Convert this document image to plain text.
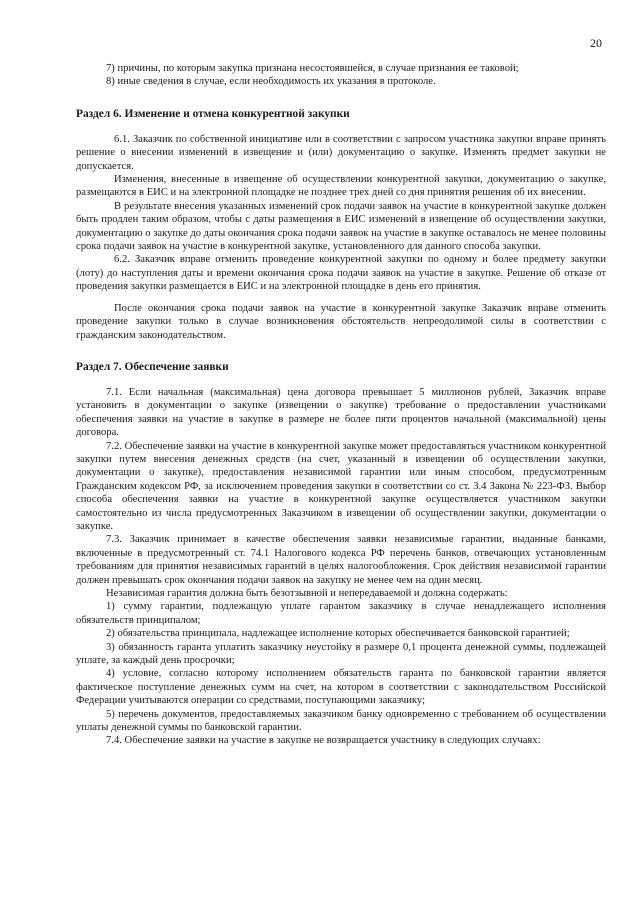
20

7) причины, по которым закупка признана несостоявшейся, в случае признания ее таковой;

8) иные сведения в случае, если необходимость их указания в протоколе.

Раздел 6. Изменение и отмена конкурентной закупки

6.1. Заказчик по собственной инициативе или в соответствии с запросом участника закупки вправе принять решение о внесении изменений в извещение и (или) документацию о закупке. Изменять предмет закупки не допускается.

Изменения, внесенные в извещение об осуществлении конкурентной закупки, документацию о закупке, размещаются в ЕИС и на электронной площадке не позднее трех дней со дня принятия решения об их внесении.

В результате внесения указанных изменений срок подачи заявок на участие в конкурентной закупке должен быть продлен таким образом, чтобы с даты размещения в ЕИС изменений в извещение об осуществлении закупки, документацию о закупке до даты окончания срока подачи заявок на участие в закупке оставалось не менее половины срока подачи заявок на участие в конкурентной закупке, установленного для данного способа закупки.

6.2. Заказчик вправе отменить проведение конкурентной закупки по одному и более предмету закупки (лоту) до наступления даты и времени окончания срока подачи заявок на участие в закупке. Решение об отказе от проведения закупки размещается в ЕИС и на электронной площадке в день его принятия.

После окончания срока подачи заявок на участие в конкурентной закупке Заказчик вправе отменить проведение закупки только в случае возникновения обстоятельств непреодолимой силы в соответствии с гражданским законодательством.

Раздел 7. Обеспечение заявки

7.1. Если начальная (максимальная) цена договора превышает 5 миллионов рублей, Заказчик вправе установить в документации о закупке (извещении о закупке) требование о предоставлении участниками обеспечения заявки на участие в закупке в размере не более пяти процентов начальной (максимальной) цены договора.

7.2. Обеспечение заявки на участие в конкурентной закупке может предоставляться участником конкурентной закупки путем внесения денежных средств (на счет, указанный в извещении об осуществлении закупки, документации о закупке), предоставления независимой гарантии или иным способом, предусмотренным Гражданским кодексом РФ, за исключением проведения закупки в соответствии со ст. 3.4 Закона № 223-ФЗ. Выбор способа обеспечения заявки на участие в конкурентной закупке осуществляется участником закупки самостоятельно из числа предусмотренных Заказчиком в извещении об осуществлении закупки, документации о закупке.

7.3. Заказчик принимает в качестве обеспечения заявки независимые гарантии, выданные банками, включенные в предусмотренный ст. 74.1 Налогового кодекса РФ перечень банков, отвечающих установленным требованиям для принятия независимых гарантий в целях налогообложения. Срок действия независимой гарантии должен превышать срок окончания подачи заявок на закупку не менее чем на один месяц.

Независимая гарантия должна быть безотзывной и непередаваемой и должна содержать:

1) сумму гарантии, подлежащую уплате гарантом заказчику в случае ненадлежащего исполнения обязательств принципалом;

2) обязательства принципала, надлежащее исполнение которых обеспечивается банковской гарантией;

3) обязанность гаранта уплатить заказчику неустойку в размере 0,1 процента денежной суммы, подлежащей уплате, за каждый день просрочки;

4) условие, согласно которому исполнением обязательств гаранта по банковской гарантии является фактическое поступление денежных сумм на счет, на котором в соответствии с законодательством Российской Федерации учитываются операции со средствами, поступающими заказчику;

5) перечень документов, предоставляемых заказчиком банку одновременно с требованием об осуществлении уплаты денежной суммы по банковской гарантии.

7.4. Обеспечение заявки на участие в закупке не возвращается участнику в следующих случаях:
